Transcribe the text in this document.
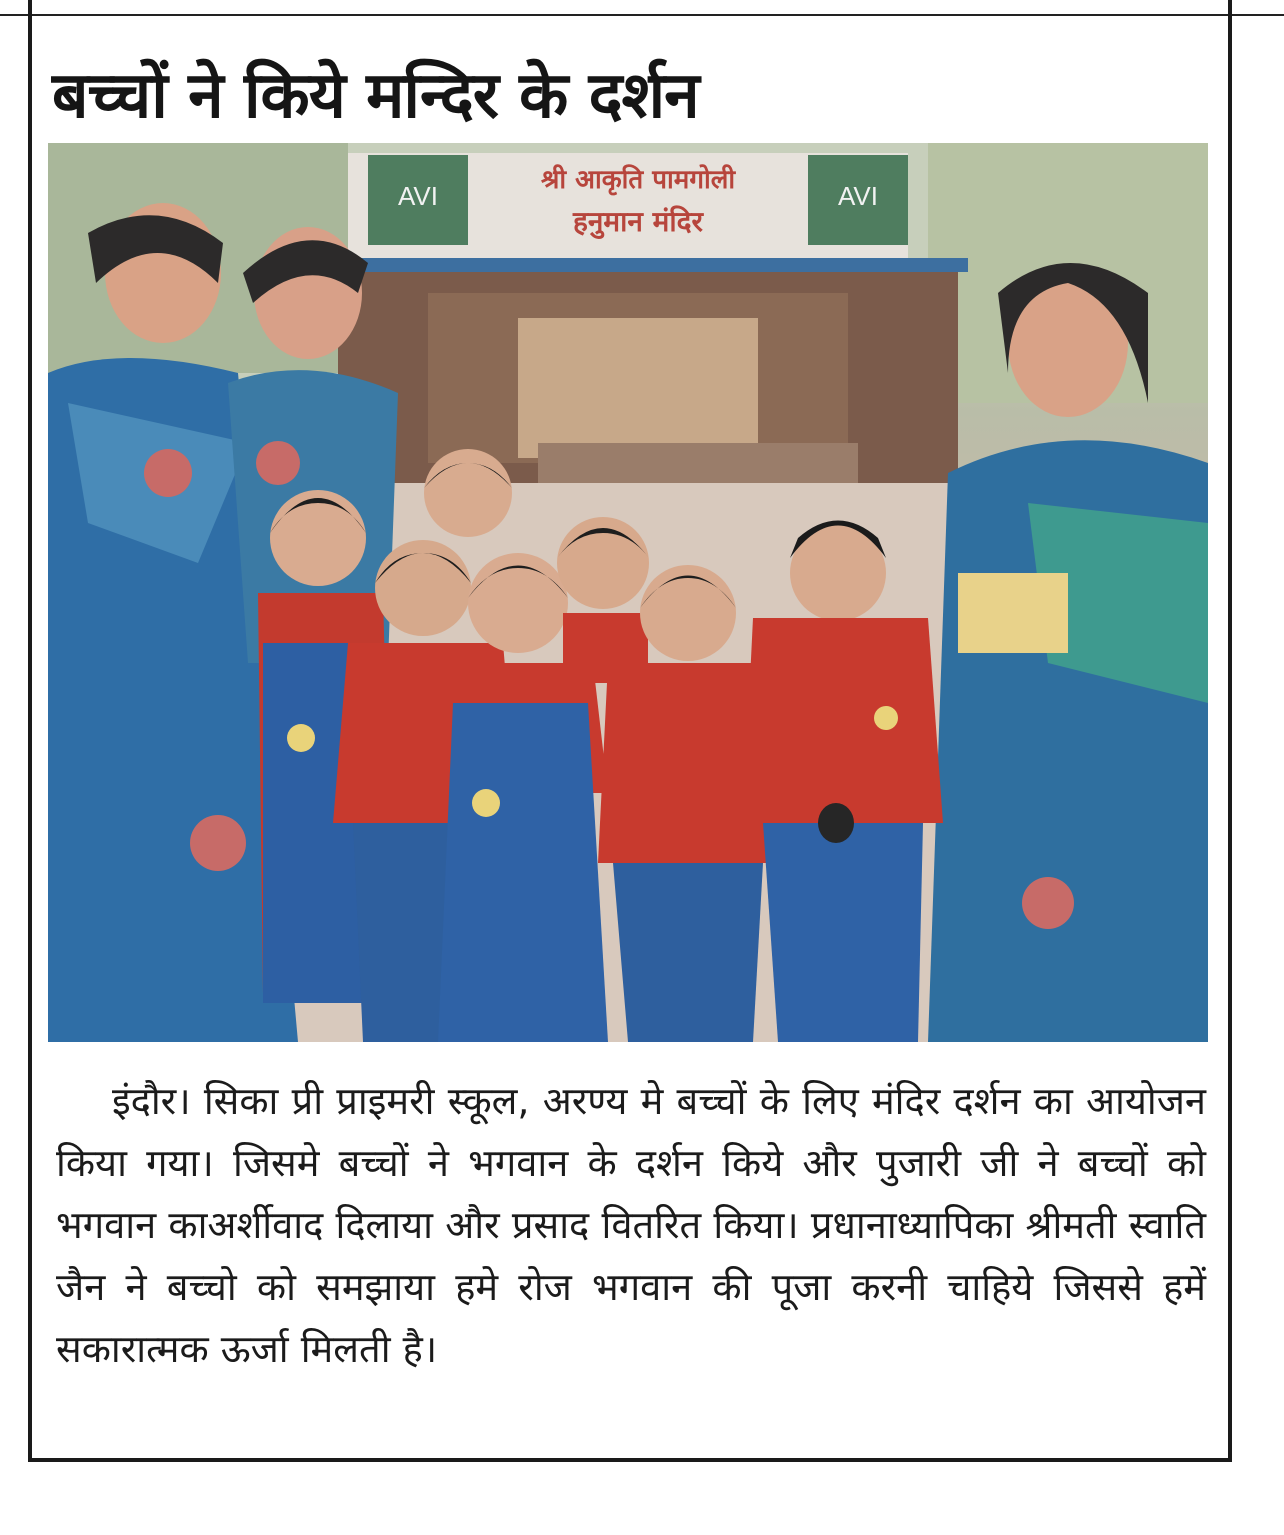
बच्चों ने किये मन्दिर के दर्शन
AVI	AVI
श्री आकृति पामगोली
हनुमान मंदिर

इंदौर। सिका प्री प्राइमरी स्कूल, अरण्य मे बच्चों के लिए मंदिर दर्शन का आयोजन किया गया। जिसमे बच्चों ने भगवान के दर्शन किये और पुजारी जी ने बच्चों को भगवान काअर्शीवाद दिलाया और प्रसाद वितरित किया। प्रधानाध्यापिका श्रीमती स्वाति जैन ने बच्चो को समझाया हमे रोज भगवान की पूजा करनी चाहिये जिससे हमें सकारात्मक ऊर्जा मिलती है।
